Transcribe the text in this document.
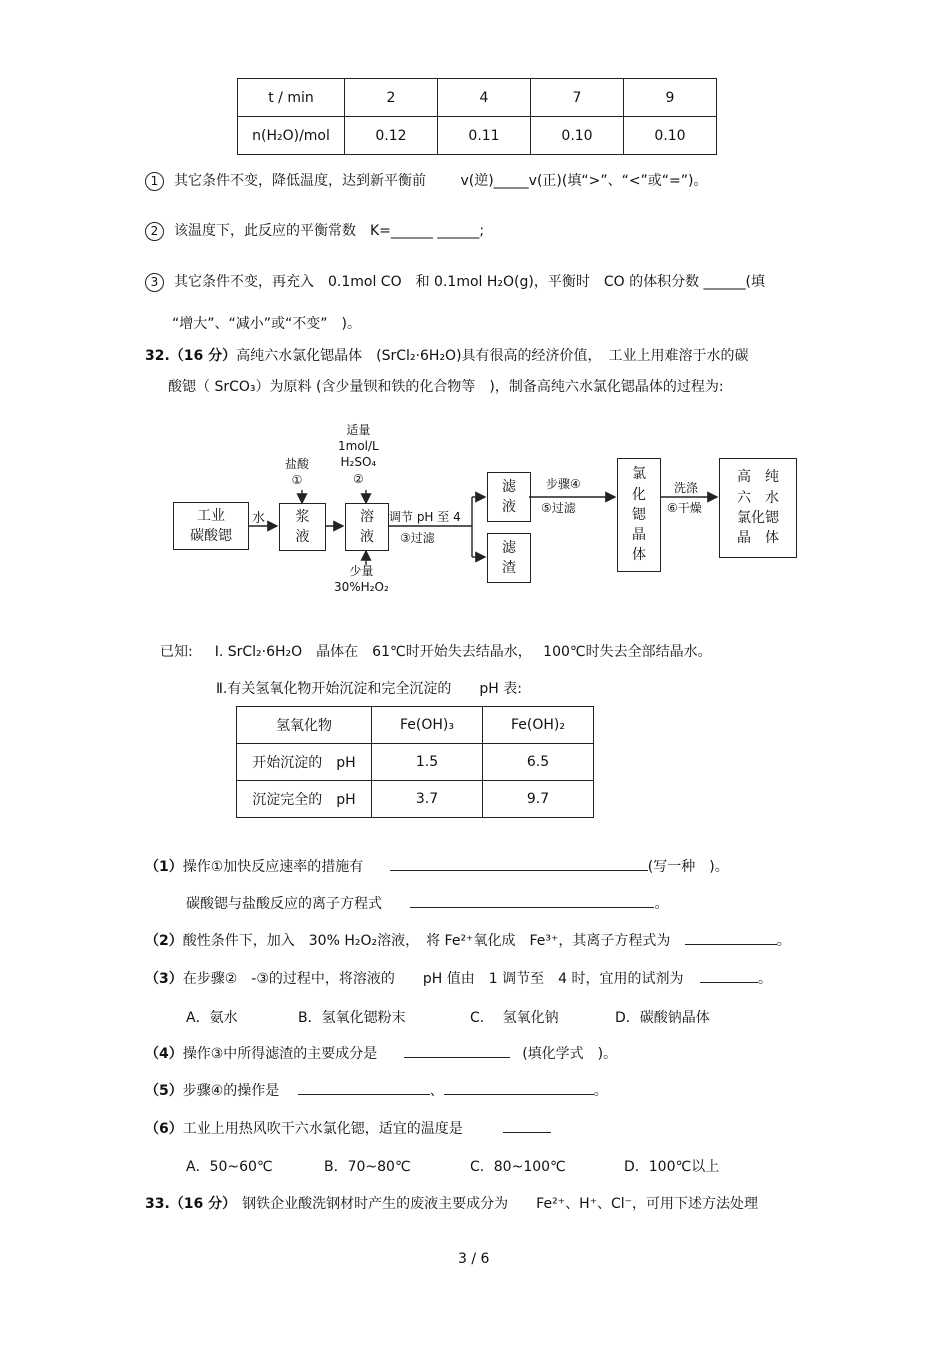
t / min	2	4	7	9
n(H₂O)/mol	0.12	0.11	0.10	0.10
1 其它条件不变，降低温度，达到新平衡前 v(逆)_____v(正)(填“>”、“<”或“=”)。
2 该温度下，此反应的平衡常数　K=______ ______;
3 其它条件不变，再充入　0.1mol CO　和 0.1mol H₂O(g)，平衡时　CO 的体积分数 ______(填
“增大”、“减小”或“不变”　)。
32.（16 分）高纯六水氯化锶晶体　(SrCl₂·6H₂O)具有很高的经济价值，　工业上用难溶于水的碳
酸锶（ SrCO₃）为原料 (含少量钡和铁的化合物等　)，制备高纯六水氯化锶晶体的过程为:
工业
碳酸锶
水
盐酸
①
浆
液
适量
1mol/L
H₂SO₄
②
溶
液
少量
30%H₂O₂
调节 pH 至 4
③过滤
滤
液
滤
渣
步骤④
⑤过滤
氯
化
锶
晶
体
洗涤
⑥干燥
高　纯
六　水
氯化锶
晶　体
已知: Ⅰ. SrCl₂·6H₂O　晶体在　61℃时开始失去结晶水，　 100℃时失去全部结晶水。
Ⅱ.有关氢氧化物开始沉淀和完全沉淀的　　pH 表:
氢氧化物	Fe(OH)₃	Fe(OH)₂
开始沉淀的　pH	1.5	6.5
沉淀完全的　pH	3.7	9.7
（1）操作①加快反应速率的措施有	(写一种　)。
碳酸锶与盐酸反应的离子方程式	。
（2）酸性条件下，加入　30% H₂O₂溶液，　将 Fe²⁺氧化成　Fe³⁺，其离子方程式为	。
（3）在步骤②　-③的过程中，将溶液的　　pH 值由　1 调节至　4 时，宜用的试剂为	。
A．氨水	B．氢氧化锶粉末	C.　 氢氧化钠	D．碳酸钠晶体
（4）操作③中所得滤渣的主要成分是	(填化学式　)。
（5）步骤④的操作是	、	。
（6）工业上用热风吹干六水氯化锶，适宜的温度是
A．50~60℃	B．70~80℃	C．80~100℃	D．100℃以上
33.（16 分） 钢铁企业酸洗钢材时产生的废液主要成分为　　Fe²⁺、H⁺、Cl⁻，可用下述方法处理
3 / 6
